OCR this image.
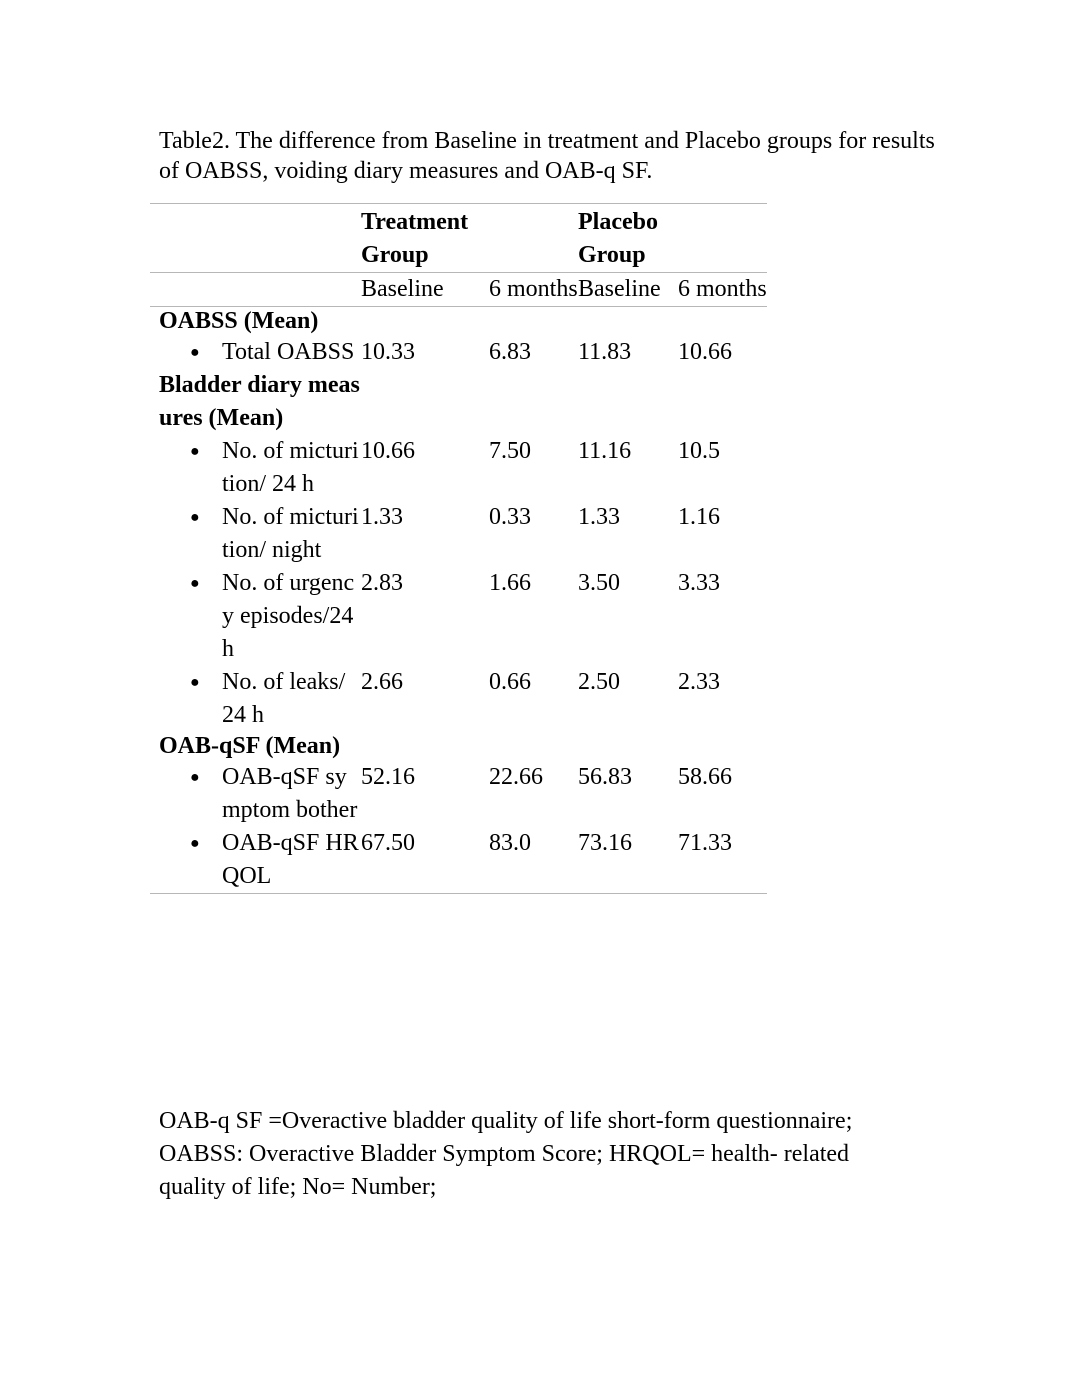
Table2. The difference from Baseline in treatment and Placebo groups for results of OABSS, voiding diary measures and OAB-q SF.

	Treatment Group		Placebo Group	
	Baseline	6 months	Baseline	6 months
OABSS (Mean)				
● Total OABSS	10.33	6.83	11.83	10.66
Bladder diary measures (Mean)				
● No. of micturition/ 24 h	10.66	7.50	11.16	10.5
● No. of micturition/ night	1.33	0.33	1.33	1.16
● No. of urgency episodes/24 h	2.83	1.66	3.50	3.33
● No. of leaks/ 24 h	2.66	0.66	2.50	2.33
OAB-qSF (Mean)				
● OAB-qSF symptom bother	52.16	22.66	56.83	58.66
● OAB-qSF HRQOL	67.50	83.0	73.16	71.33

OAB-q SF =Overactive bladder quality of life short-form questionnaire; OABSS: Overactive Bladder Symptom Score; HRQOL= health- related quality of life; No= Number;
